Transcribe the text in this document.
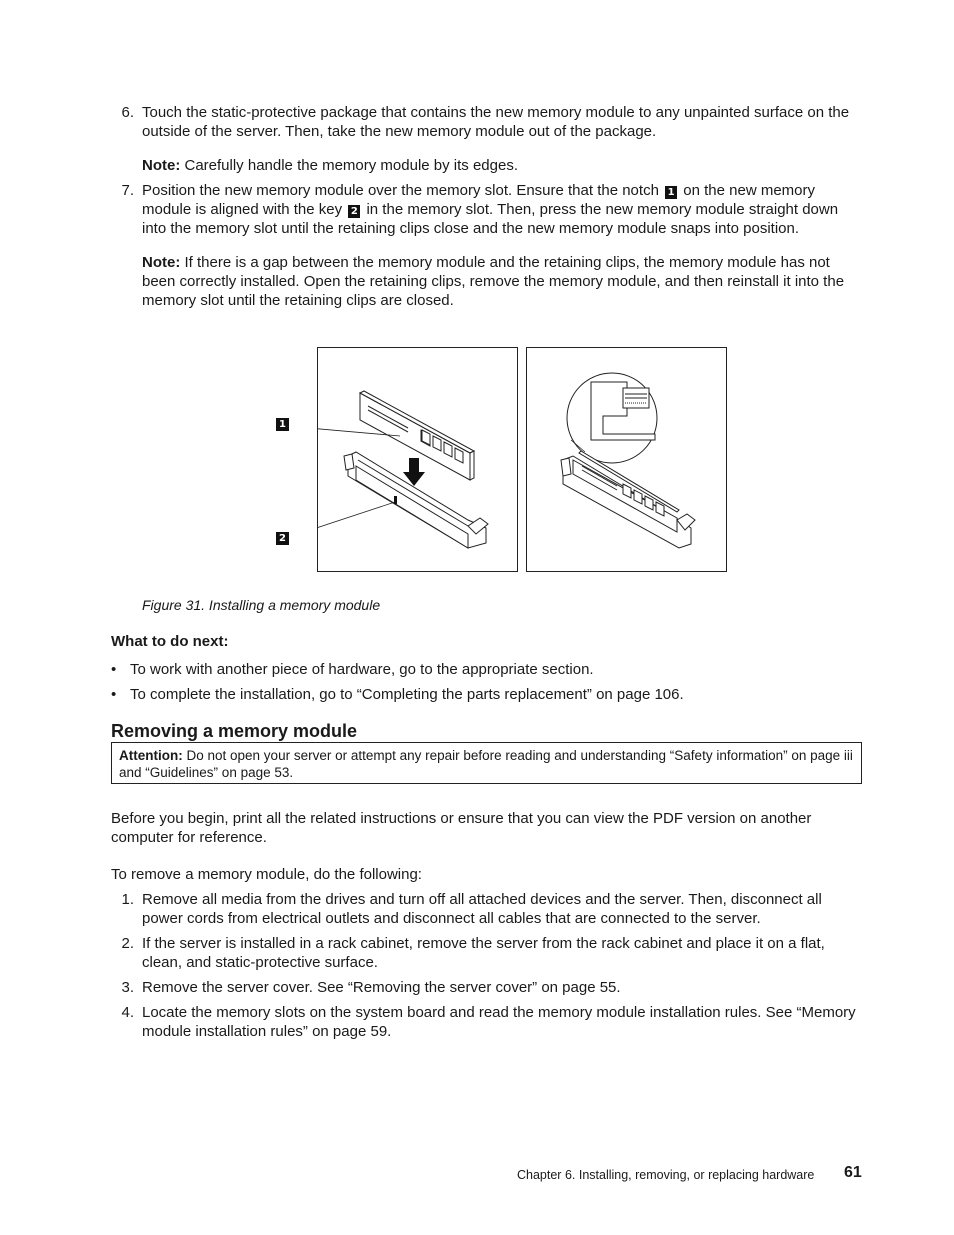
6. Touch the static-protective package that contains the new memory module to any unpainted surface on the outside of the server. Then, take the new memory module out of the package.
Note: Carefully handle the memory module by its edges.
7. Position the new memory module over the memory slot. Ensure that the notch 1 on the new memory module is aligned with the key 2 in the memory slot. Then, press the new memory module straight down into the memory slot until the retaining clips close and the new memory module snaps into position.
Note: If there is a gap between the memory module and the retaining clips, the memory module has not been correctly installed. Open the retaining clips, remove the memory module, and then reinstall it into the memory slot until the retaining clips are closed.
1
2
Figure 31. Installing a memory module
What to do next:
• To work with another piece of hardware, go to the appropriate section.
• To complete the installation, go to “Completing the parts replacement” on page 106.
Removing a memory module
Attention: Do not open your server or attempt any repair before reading and understanding “Safety information” on page iii and “Guidelines” on page 53.
Before you begin, print all the related instructions or ensure that you can view the PDF version on another computer for reference.
To remove a memory module, do the following:
1. Remove all media from the drives and turn off all attached devices and the server. Then, disconnect all power cords from electrical outlets and disconnect all cables that are connected to the server.
2. If the server is installed in a rack cabinet, remove the server from the rack cabinet and place it on a flat, clean, and static-protective surface.
3. Remove the server cover. See “Removing the server cover” on page 55.
4. Locate the memory slots on the system board and read the memory module installation rules. See “Memory module installation rules” on page 59.
Chapter 6. Installing, removing, or replacing hardware 61
